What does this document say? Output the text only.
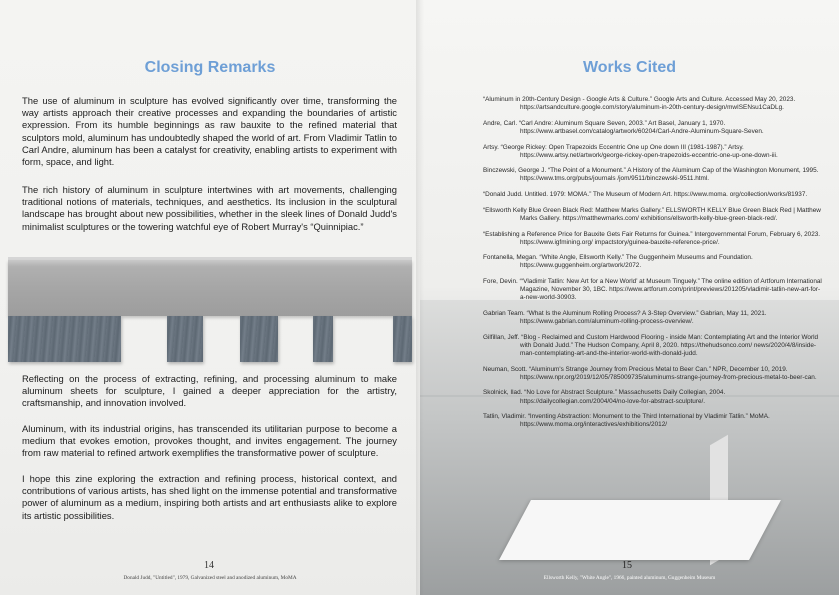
Closing Remarks

The use of aluminum in sculpture has evolved significantly over time, transforming the way artists approach their creative processes and expanding the boundaries of artistic expression. From its humble beginnings as raw bauxite to the refined material that sculptors mold, aluminum has undoubtedly shaped the world of art. From Vladimir Tatlin to Carl Andre, aluminum has been a catalyst for creativity, enabling artists to experiment with form, space, and light.

The rich history of aluminum in sculpture intertwines with art movements, challenging traditional notions of materials, techniques, and aesthetics. Its inclusion in the sculptural landscape has brought about new possibilities, whether in the sleek lines of Donald Judd's minimalist sculptures or the towering watchful eye of Robert Murray's “Quinnipiac.”

Reflecting on the process of extracting, refining, and processing aluminum to make aluminum sheets for sculpture, I gained a deeper appreciation for the artistry, craftsmanship, and innovation involved.

Aluminum, with its industrial origins, has transcended its utilitarian purpose to become a medium that evokes emotion, provokes thought, and invites engagement. The journey from raw material to refined artwork exemplifies the transformative power of sculpture.

I hope this zine exploring the extraction and refining process, historical context, and contributions of various artists, has shed light on the immense potential and transformative power of aluminum as a medium, inspiring both artists and art enthusiasts alike to explore its artistic possibilities.

14
Donald Judd, "Untitled", 1979, Galvanized steel and anodized aluminum, MoMA
Works Cited

“Aluminum in 20th-Century Design - Google Arts & Culture.” Google Arts and Culture. Accessed May 20, 2023. https://artsandculture.google.com/story/aluminum-in-20th-century-design/mwISENsu1CaDLg.

Andre, Carl. “Carl Andre: Aluminum Square Seven, 2003.” Art Basel, January 1, 1970. https://www.artbasel.com/catalog/artwork/60204/Carl-Andre-Aluminum-Square-Seven.

Artsy. “George Rickey: Open Trapezoids Eccentric One up One down III (1981-1987).” Artsy. https://www.artsy.net/artwork/george-rickey-open-trapezoids-eccentric-one-up-one-down-iii.

Binczewski, George J. “The Point of a Monument.” A History of the Aluminum Cap of the Washington Monument, 1995. https://www.tms.org/pubs/journals /jom/9511/binczewski-9511.html.

“Donald Judd. Untitled. 1979: MOMA.” The Museum of Modern Art. https://www.moma. org/collection/works/81937.

“Ellsworth Kelly Blue Green Black Red: Matthew Marks Gallery.” ELLSWORTH KELLY Blue Green Black Red | Matthew Marks Gallery. https://matthewmarks.com/ exhibitions/ellsworth-kelly-blue-green-black-red/.

“Establishing a Reference Price for Bauxite Gets Fair Returns for Guinea.” Intergovernmental Forum, February 6, 2023. https://www.igfmining.org/ impactstory/guinea-bauxite-reference-price/.

Fontanella, Megan. “White Angle, Ellsworth Kelly.” The Guggenheim Museums and Foundation. https://www.guggenheim.org/artwork/2072.

Fore, Devin. “‘Vladimir Tatlin: New Art for a New World’ at Museum Tinguely.” The online edition of Artforum International Magazine, November 30, 1BC. https://www.artforum.com/print/previews/201205/vladimir-tatlin-new-art-for-a-new-world-30903.

Gabrian Team. “What Is the Aluminum Rolling Process? A 3-Step Overview.” Gabrian, May 11, 2021. https://www.gabrian.com/aluminum-rolling-process-overview/.

Gilfillan, Jeff. “Blog - Reclaimed and Custom Hardwood Flooring - inside Man: Contemplating Art and the Interior World with Donald Judd.” The Hudson Company, April 8, 2020. https://thehudsonco.com/ news/2020/4/8/inside-man-contemplating-art-and-the-interior-world-with-donald-judd.

Neuman, Scott. “Aluminum's Strange Journey from Precious Metal to Beer Can.” NPR, December 10, 2019. https://www.npr.org/2019/12/05/785009735/aluminums-strange-journey-from-precious-metal-to-beer-can.

Skolnick, Ilad. “No Love for Abstract Sculpture.” Massachusetts Daily Collegian, 2004. https://dailycollegian.com/2004/04/no-love-for-abstract-sculpture/.

Tatlin, Vladimir. “Inventing Abstraction: Monument to the Third International by Vladimir Tatlin.” MoMA. https://www.moma.org/interactives/exhibitions/2012/

15
Ellsworth Kelly, "White Angle", 1966, painted aluminum, Guggenheim Museum
